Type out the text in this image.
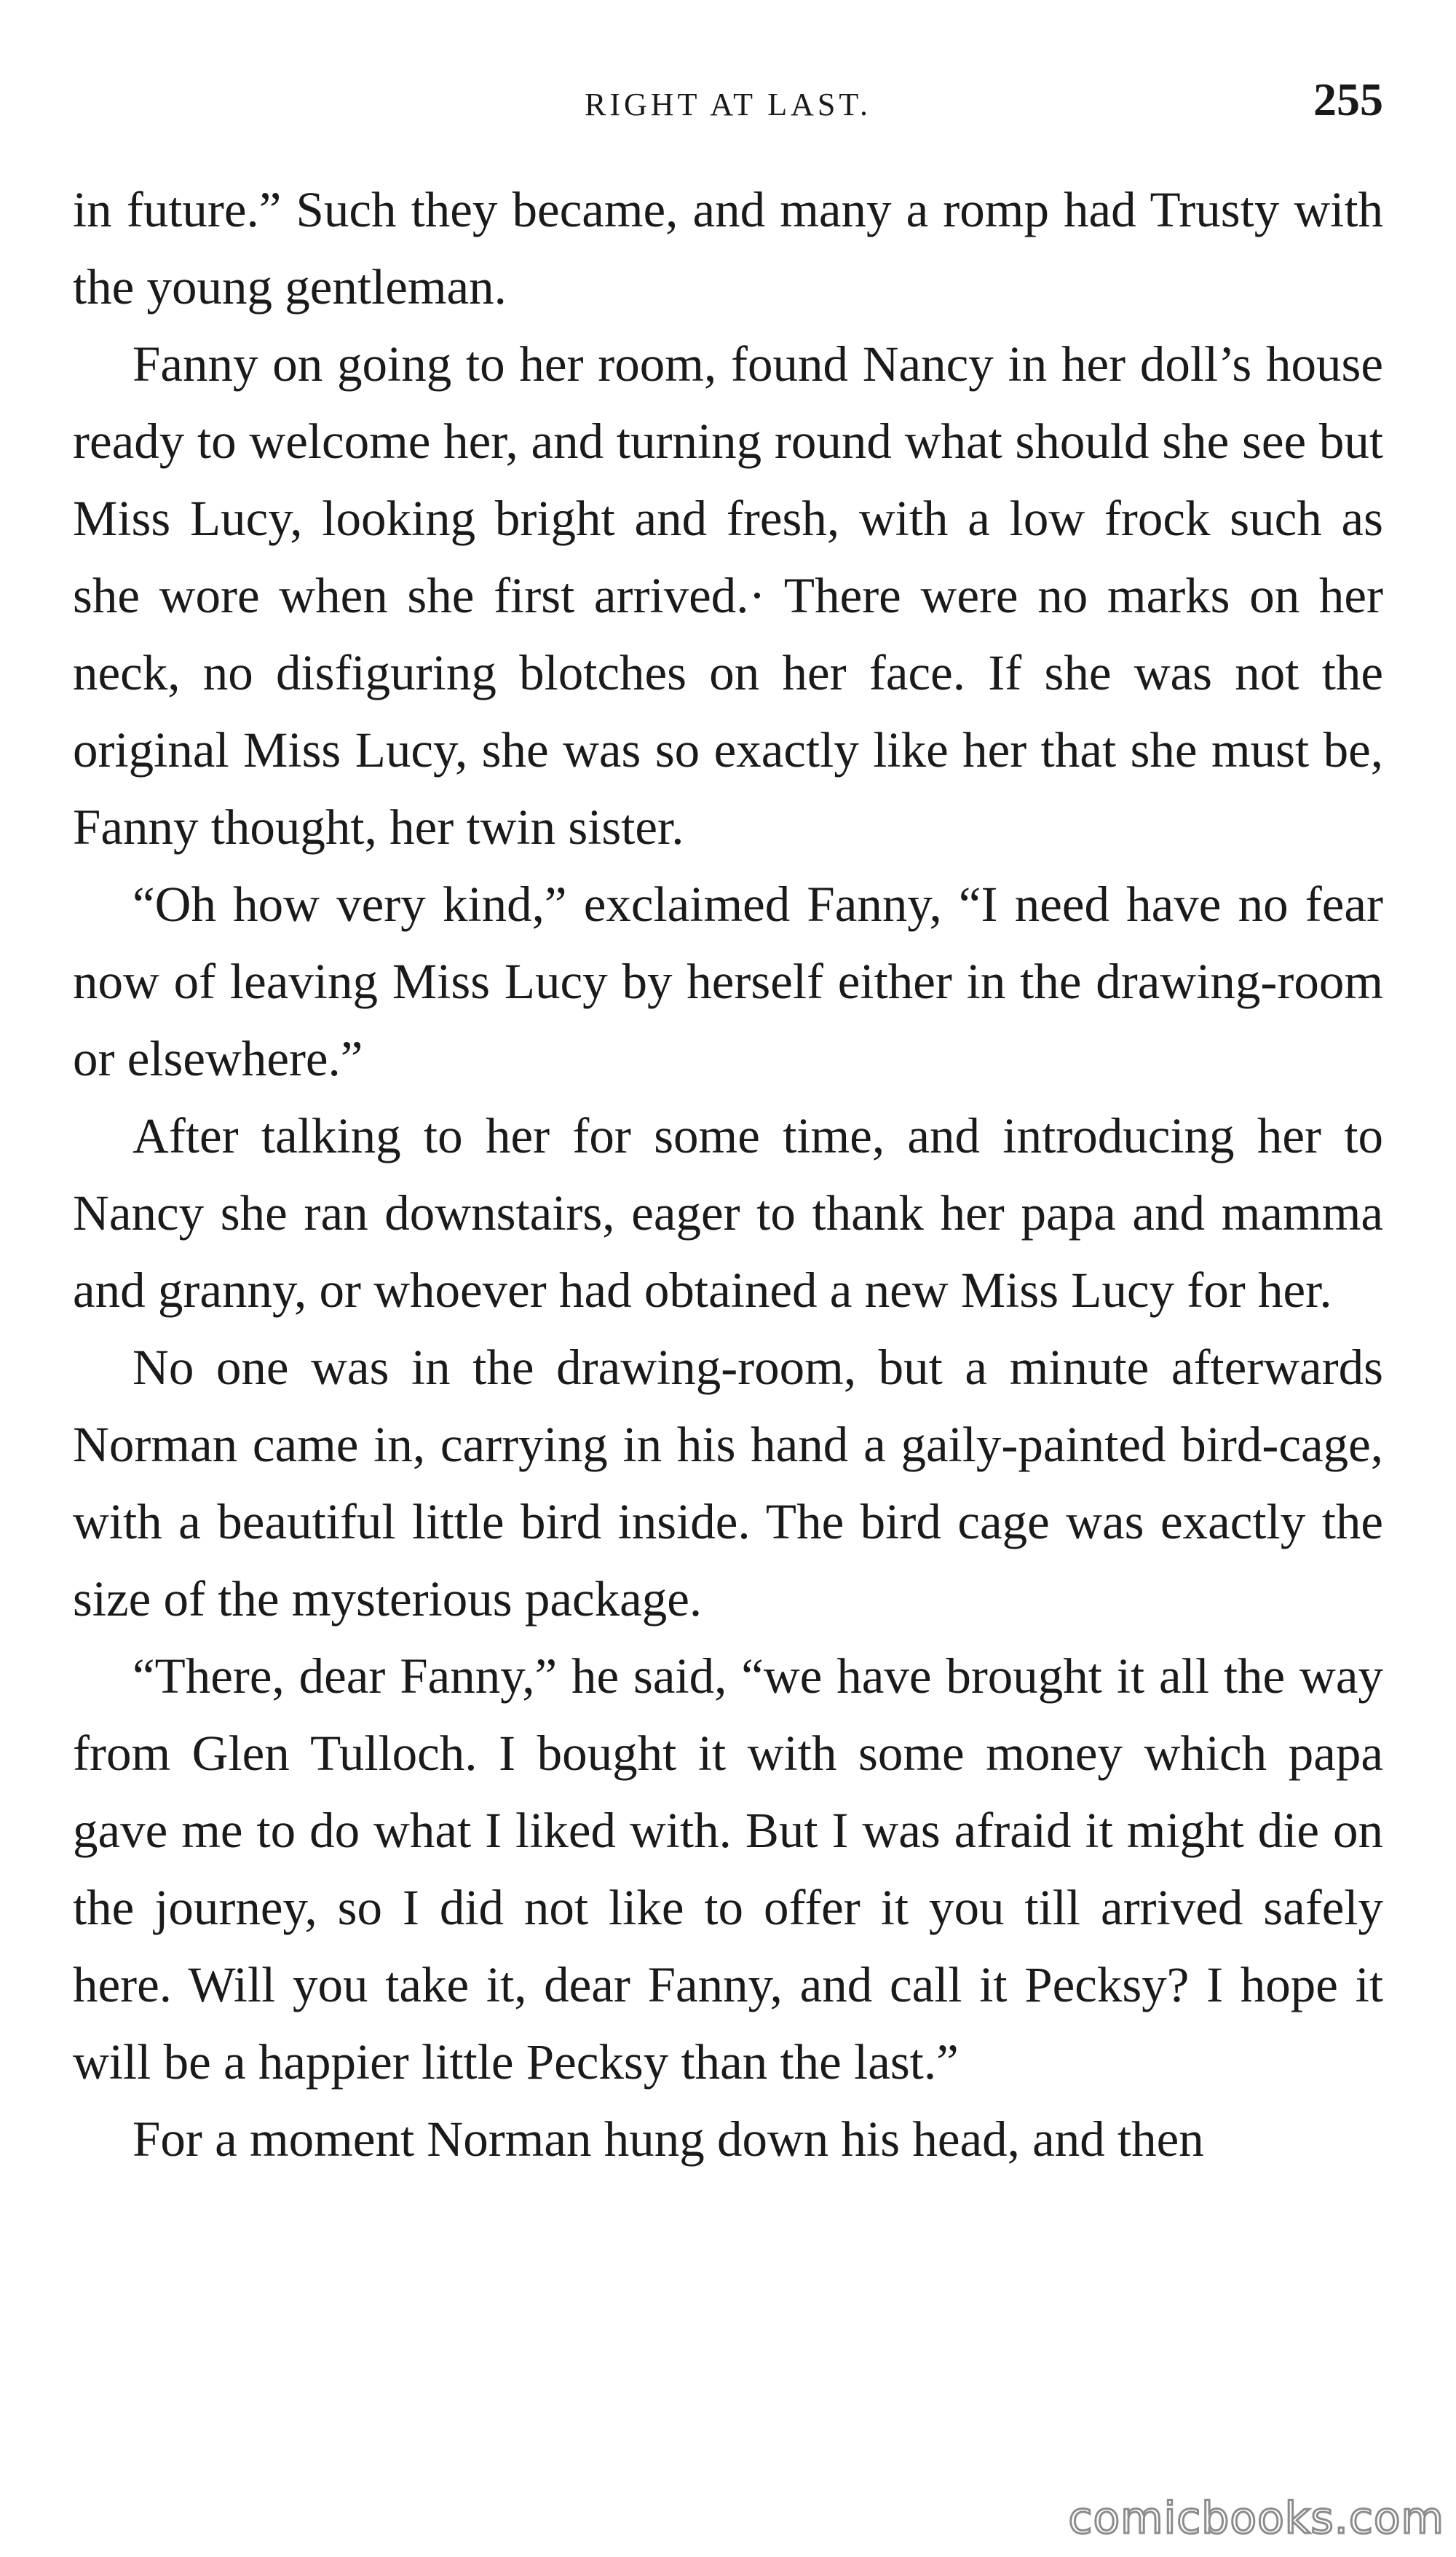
RIGHT AT LAST.	255

in future.” Such they became, and many a romp had Trusty with the young gentleman.

Fanny on going to her room, found Nancy in her doll’s house ready to welcome her, and turning round what should she see but Miss Lucy, looking bright and fresh, with a low frock such as she wore when she first arrived.· There were no marks on her neck, no disfiguring blotches on her face. If she was not the original Miss Lucy, she was so exactly like her that she must be, Fanny thought, her twin sister.

“Oh how very kind,” exclaimed Fanny, “I need have no fear now of leaving Miss Lucy by herself either in the drawing-room or elsewhere.”

After talking to her for some time, and introducing her to Nancy she ran downstairs, eager to thank her papa and mamma and granny, or whoever had obtained a new Miss Lucy for her.

No one was in the drawing-room, but a minute afterwards Norman came in, carrying in his hand a gaily-painted bird-cage, with a beautiful little bird inside. The bird cage was exactly the size of the mysterious package.

“There, dear Fanny,” he said, “we have brought it all the way from Glen Tulloch. I bought it with some money which papa gave me to do what I liked with. But I was afraid it might die on the journey, so I did not like to offer it you till arrived safely here. Will you take it, dear Fanny, and call it Pecksy? I hope it will be a happier little Pecksy than the last.”

For a moment Norman hung down his head, and then

comicbooks.com
